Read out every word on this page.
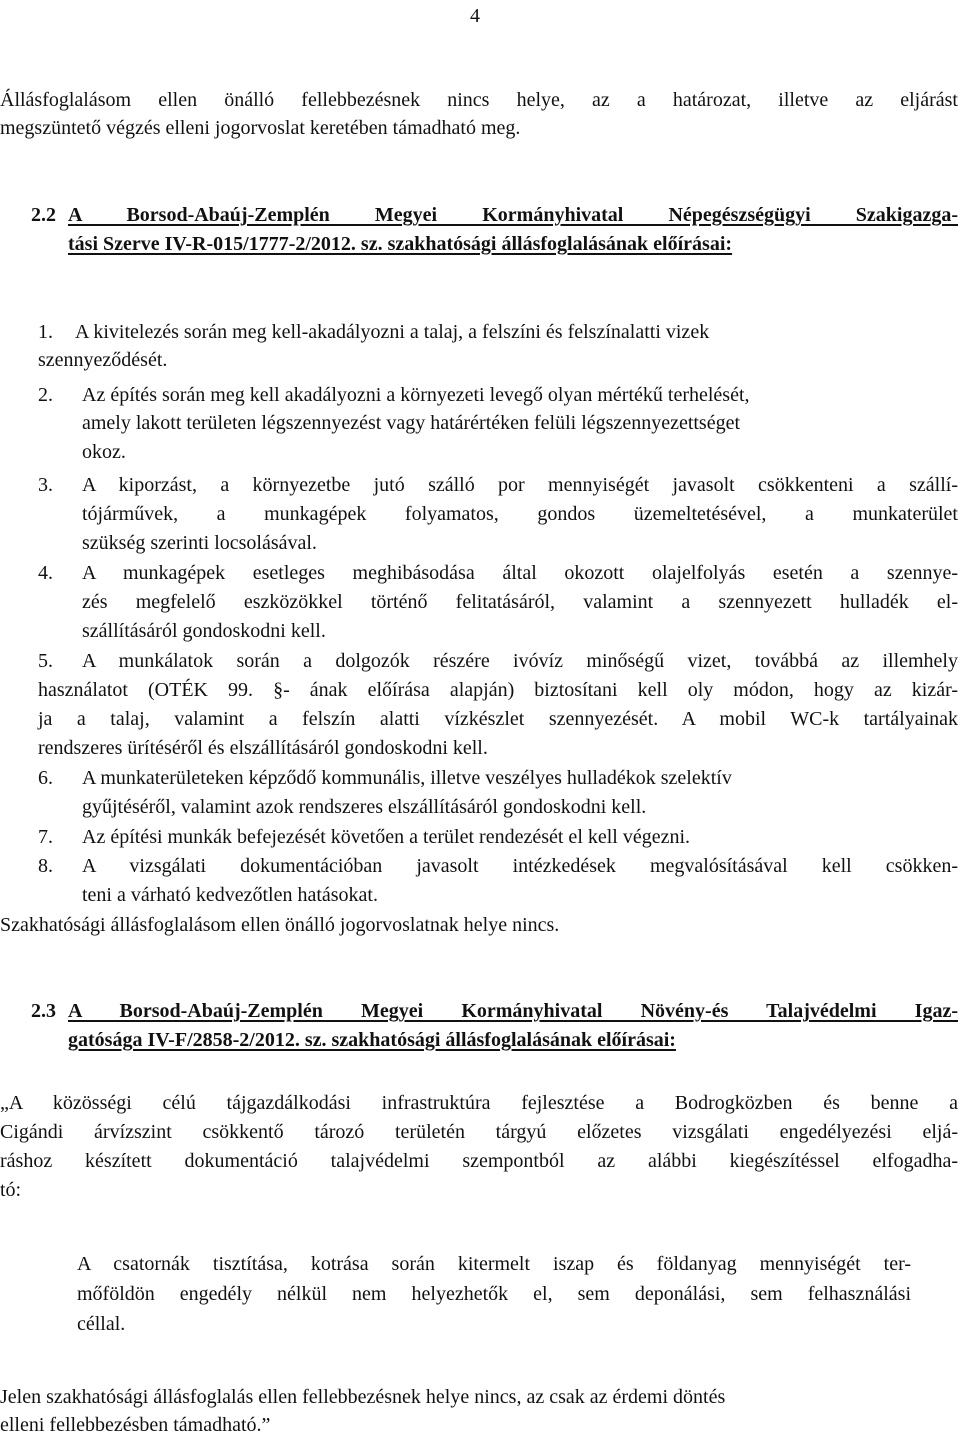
4
Állásfoglalásom ellen önálló fellebbezésnek nincs helye, az a határozat, illetve az eljárást
megszüntető végzés elleni jogorvoslat keretében támadható meg.
2.2 A Borsod-Abaúj-Zemplén Megyei Kormányhivatal Népegészségügyi Szakigazga-
tási Szerve IV-R-015/1777-2/2012. sz. szakhatósági állásfoglalásának előírásai:
1. A kivitelezés során meg kell-akadályozni a talaj, a felszíni és felszínalatti vizek
szennyeződését.
2. Az építés során meg kell akadályozni a környezeti levegő olyan mértékű terhelését,
amely lakott területen légszennyezést vagy határértéken felüli légszennyezettséget
okoz.
3. A kiporzást, a környezetbe jutó szálló por mennyiségét javasolt csökkenteni a szállí-
tójárművek, a munkagépek folyamatos, gondos üzemeltetésével, a munkaterület
szükség szerinti locsolásával.
4. A munkagépek esetleges meghibásodása által okozott olajelfolyás esetén a szennye-
zés megfelelő eszközökkel történő felitatásáról, valamint a szennyezett hulladék el-
szállításáról gondoskodni kell.
5. A munkálatok során a dolgozók részére ivóvíz minőségű vizet, továbbá az illemhely
használatot (OTÉK 99. §- ának előírása alapján) biztosítani kell oly módon, hogy az kizár-
ja a talaj, valamint a felszín alatti vízkészlet szennyezését. A mobil WC-k tartályainak
rendszeres ürítéséről és elszállításáról gondoskodni kell.
6. A munkaterületeken képződő kommunális, illetve veszélyes hulladékok szelektív
gyűjtéséről, valamint azok rendszeres elszállításáról gondoskodni kell.
7. Az építési munkák befejezését követően a terület rendezését el kell végezni.
8. A vizsgálati dokumentációban javasolt intézkedések megvalósításával kell csökken-
teni a várható kedvezőtlen hatásokat.
Szakhatósági állásfoglalásom ellen önálló jogorvoslatnak helye nincs.
2.3 A Borsod-Abaúj-Zemplén Megyei Kormányhivatal Növény-és Talajvédelmi Igaz-
gatósága IV-F/2858-2/2012. sz. szakhatósági állásfoglalásának előírásai:
„A közösségi célú tájgazdálkodási infrastruktúra fejlesztése a Bodrogközben és benne a
Cigándi árvízszint csökkentő tározó területén tárgyú előzetes vizsgálati engedélyezési eljá-
ráshoz készített dokumentáció talajvédelmi szempontból az alábbi kiegészítéssel elfogadha-
tó:
A csatornák tisztítása, kotrása során kitermelt iszap és földanyag mennyiségét ter-
mőföldön engedély nélkül nem helyezhetők el, sem deponálási, sem felhasználási
céllal.
Jelen szakhatósági állásfoglalás ellen fellebbezésnek helye nincs, az csak az érdemi döntés
elleni fellebbezésben támadható.”
